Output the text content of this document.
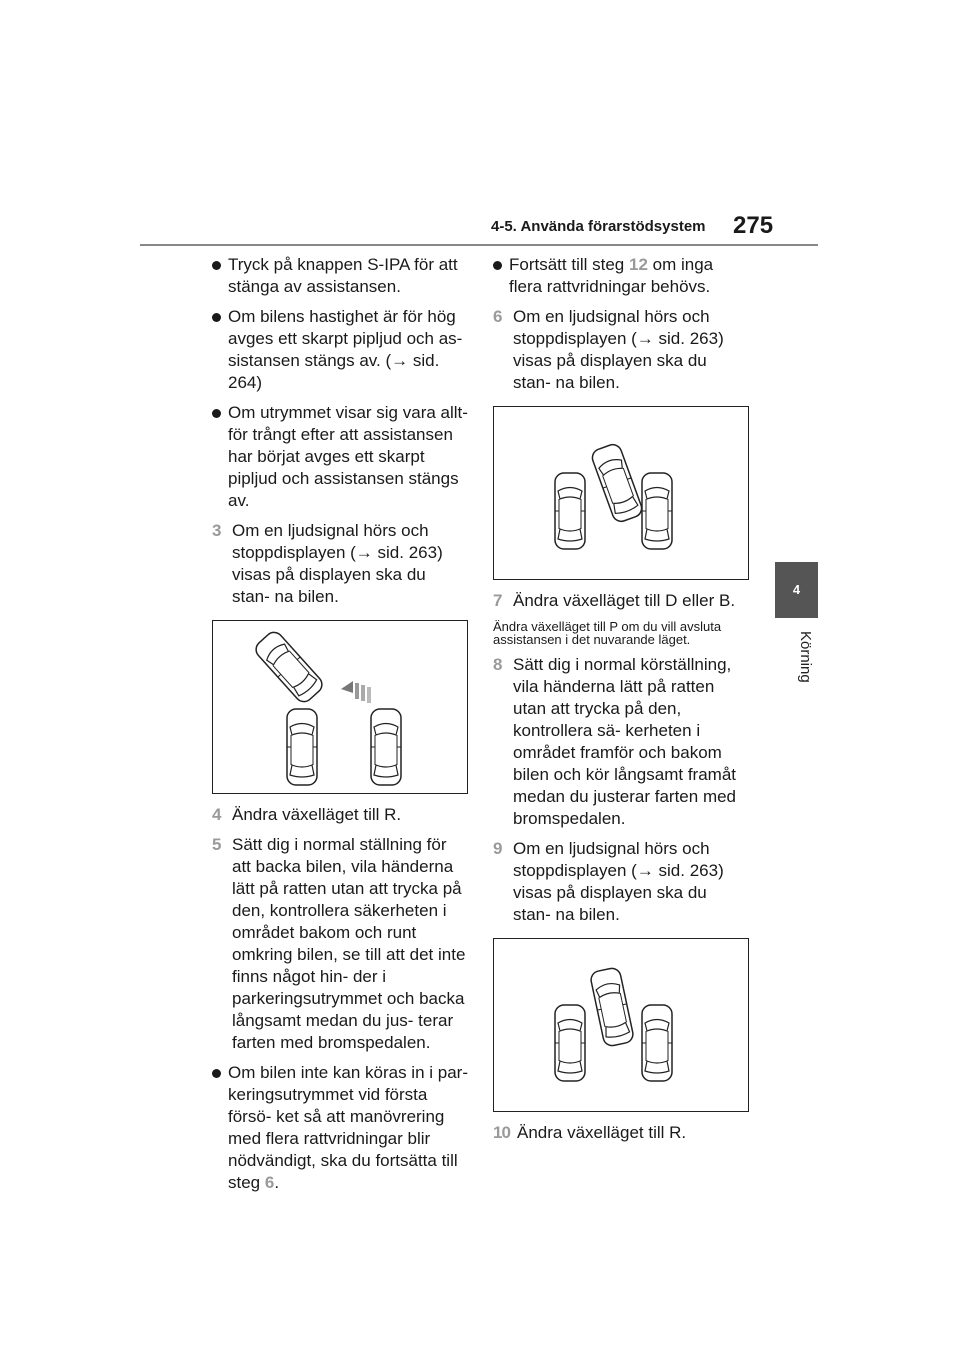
4-5. Använda förarstödsystem 275
4
Körning
Tryck på knappen S-IPA för att stänga av assistansen.
Om bilens hastighet är för hög avges ett skarpt pipljud och as- sistansen stängs av. (→ sid. 264)
Om utrymmet visar sig vara allt- för trångt efter att assistansen har börjat avges ett skarpt pipljud och assistansen stängs av.
3 Om en ljudsignal hörs och stoppdisplayen (→ sid. 263) visas på displayen ska du stan- na bilen.
4 Ändra växelläget till R.
5 Sätt dig i normal ställning för att backa bilen, vila händerna lätt på ratten utan att trycka på den, kontrollera säkerheten i området bakom och runt omkring bilen, se till att det inte finns något hin- der i parkeringsutrymmet och backa långsamt medan du jus- terar farten med bromspedalen.
Om bilen inte kan köras in i par- keringsutrymmet vid första försö- ket så att manövrering med flera rattvridningar blir nödvändigt, ska du fortsätta till steg 6.
Fortsätt till steg 12 om inga flera rattvridningar behövs.
6 Om en ljudsignal hörs och stoppdisplayen (→ sid. 263) visas på displayen ska du stan- na bilen.
7 Ändra växelläget till D eller B.
Ändra växelläget till P om du vill avsluta assistansen i det nuvarande läget.
8 Sätt dig i normal körställning, vila händerna lätt på ratten utan att trycka på den, kontrollera sä- kerheten i området framför och bakom bilen och kör långsamt framåt medan du justerar farten med bromspedalen.
9 Om en ljudsignal hörs och stoppdisplayen (→ sid. 263) visas på displayen ska du stan- na bilen.
10 Ändra växelläget till R.
